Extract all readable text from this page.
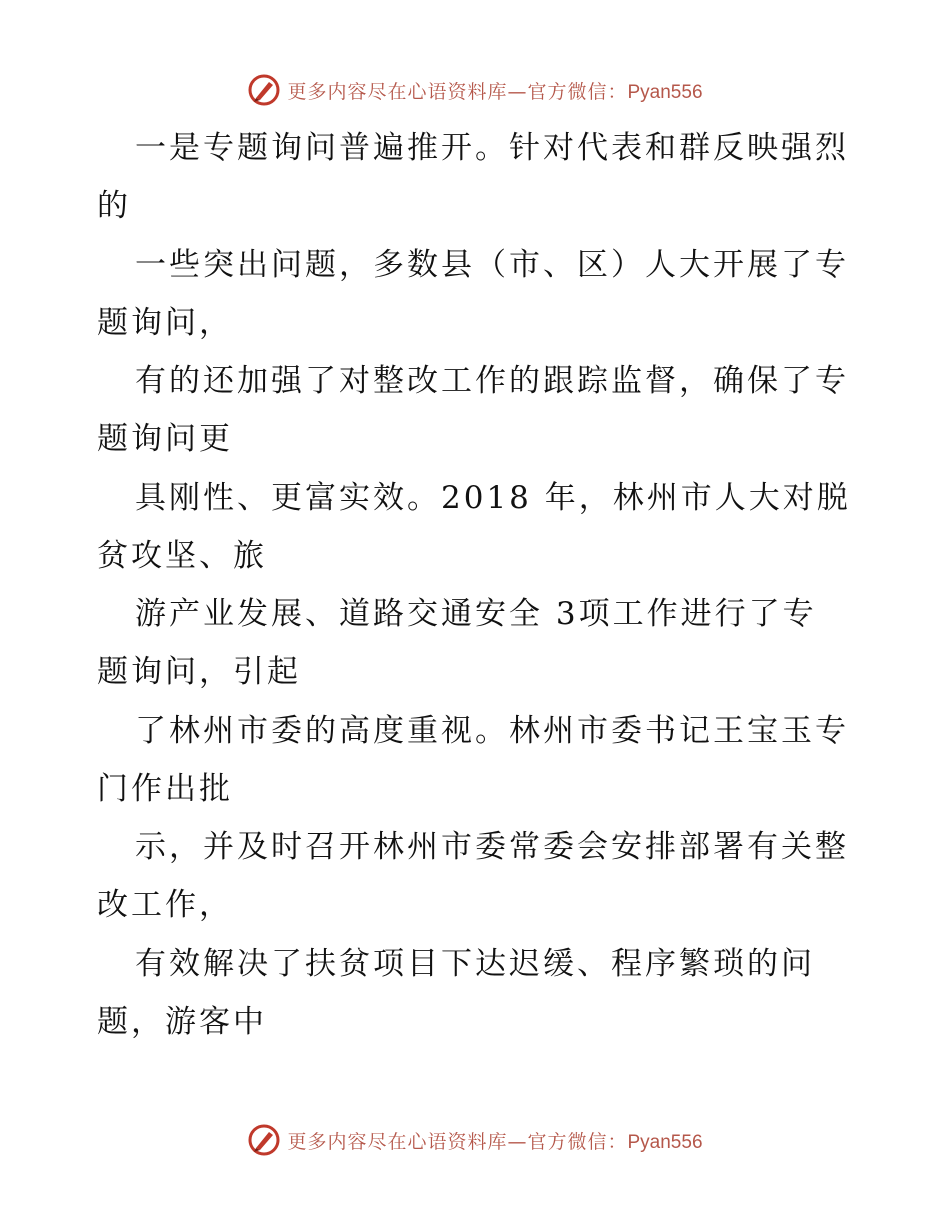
更多内容尽在心语资料库—官方微信：Pyan556
一是专题询问普遍推开。针对代表和群反映强烈
的
一些突出问题，多数县（市、区）人大开展了专
题询问，
有的还加强了对整改工作的跟踪监督，确保了专
题询问更
具刚性、更富实效。2018 年，林州市人大对脱
贫攻坚、旅
游产业发展、道路交通安全 3项工作进行了专
题询问，引起
了林州市委的高度重视。林州市委书记王宝玉专
门作出批
示，并及时召开林州市委常委会安排部署有关整
改工作，
有效解决了扶贫项目下达迟缓、程序繁琐的问
题，游客中
更多内容尽在心语资料库—官方微信：Pyan556
